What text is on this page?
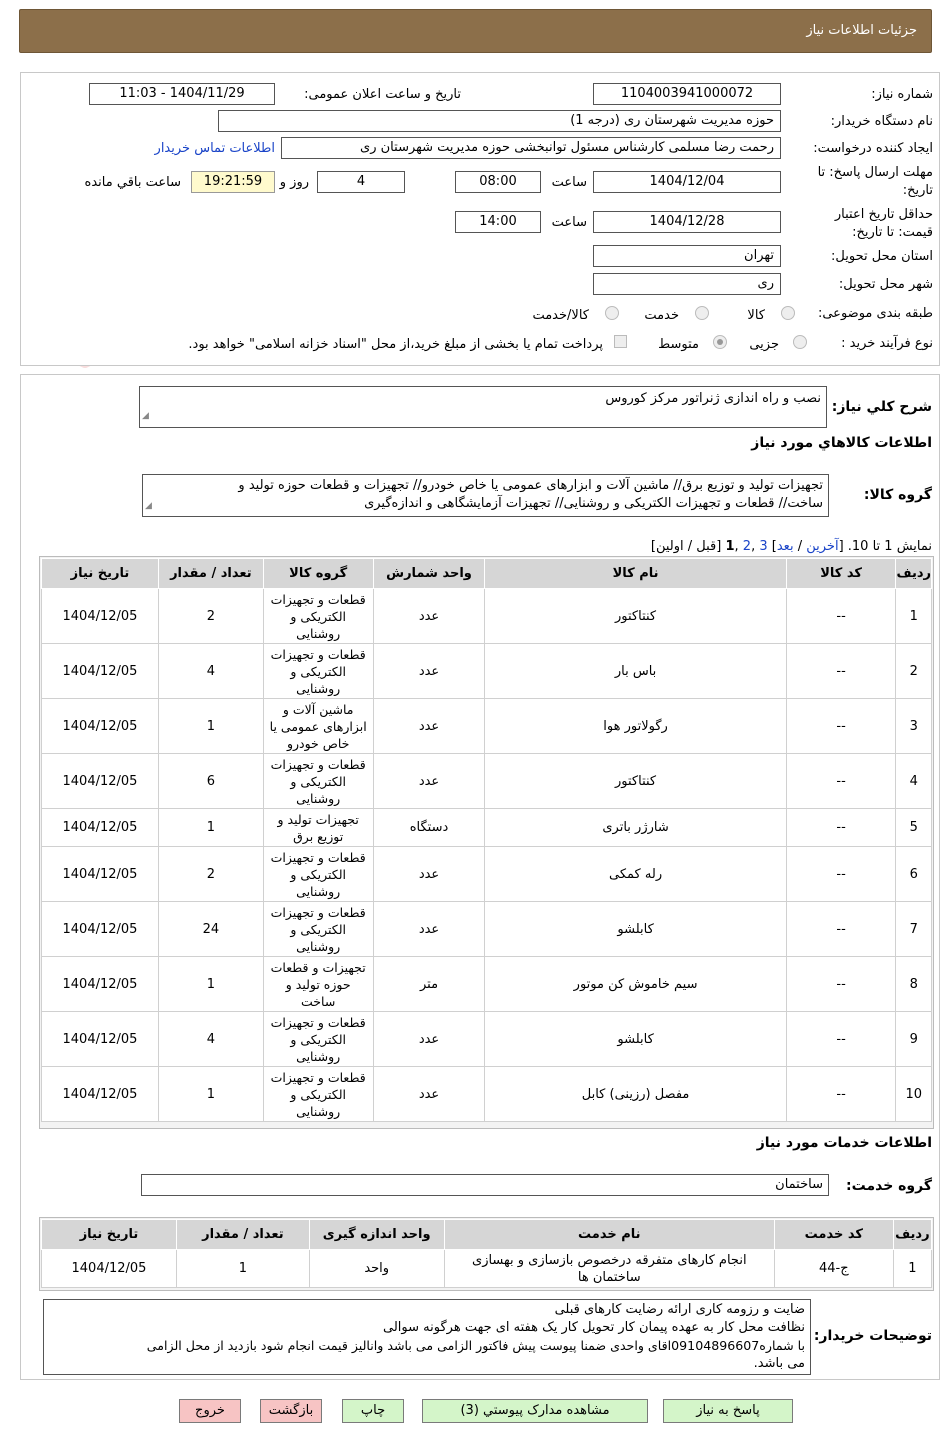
جزئیات اطلاعات نیاز
شماره نیاز:
1104003941000072
تاریخ و ساعت اعلان عمومی:
1404/11/29 - 11:03
نام دستگاه خریدار:
حوزه مدیریت شهرستان ری (درجه 1)
ایجاد کننده درخواست:
رحمت رضا مسلمی کارشناس مسئول توانبخشی حوزه مدیریت شهرستان ری
اطلاعات تماس خریدار
مهلت ارسال پاسخ: تا
تاریخ:
1404/12/04
ساعت
08:00
4
روز و
19:21:59
ساعت باقي مانده
حداقل تاریخ اعتبار
قیمت: تا تاریخ:
1404/12/28
ساعت
14:00
استان محل تحویل:
تهران
شهر محل تحویل:
ری
طبقه بندی موضوعی:
کالا
خدمت
کالا/خدمت
نوع فرآیند خرید :
جزیی
متوسط
پرداخت تمام یا بخشی از مبلغ خرید،از محل "اسناد خزانه اسلامی" خواهد بود.
شرح کلي نياز:
نصب و راه اندازی ژنراتور مرکز کوروس
◢
اطلاعات کالاهاي مورد نياز
گروه کالا:
تجهیزات تولید و توزیع برق// ماشین آلات و ابزارهای عمومی یا خاص خودرو// تجهیزات و قطعات حوزه تولید و
ساخت// قطعات و تجهیزات الکتریکی و روشنایی// تجهیزات آزمایشگاهی و اندازه‌گیری
◢
نمایش 1 تا 10. [آخرین / بعد] 3 ,2 ,1 [قبل / اولین]
ردیف	کد کالا	نام کالا	واحد شمارش	گروه کالا	تعداد / مقدار	تاریخ نیاز
1	--	کنتاکتور	عدد	قطعات و تجهیزات الکتریکی و روشنایی	2	1404/12/05
2	--	باس بار	عدد	قطعات و تجهیزات الکتریکی و روشنایی	4	1404/12/05
3	--	رگولاتور هوا	عدد	ماشین آلات و ابزارهای عمومی یا خاص خودرو	1	1404/12/05
4	--	کنتاکتور	عدد	قطعات و تجهیزات الکتریکی و روشنایی	6	1404/12/05
5	--	شارژر باتری	دستگاه	تجهیزات تولید و توزیع برق	1	1404/12/05
6	--	رله کمکی	عدد	قطعات و تجهیزات الکتریکی و روشنایی	2	1404/12/05
7	--	کابلشو	عدد	قطعات و تجهیزات الکتریکی و روشنایی	24	1404/12/05
8	--	سیم خاموش کن موتور	متر	تجهیزات و قطعات حوزه تولید و ساخت	1	1404/12/05
9	--	کابلشو	عدد	قطعات و تجهیزات الکتریکی و روشنایی	4	1404/12/05
10	--	مفصل (رزینی) کابل	عدد	قطعات و تجهیزات الکتریکی و روشنایی	1	1404/12/05
اطلاعات خدمات مورد نياز
گروه خدمت:
ساختمان
ردیف	کد خدمت	نام خدمت	واحد اندازه گیری	تعداد / مقدار	تاریخ نیاز
1	ج-44	انجام کارهای متفرقه درخصوص بازسازی و بهسازی ساختمان ها	واحد	1	1404/12/05
توضیحات خریدار:
ضایت و رزومه کاری ارائه رضایت کارهای قبلی
نظافت محل کار به عهده پیمان کار تحویل کار یک هفته ای جهت هرگونه سوالی
با شماره09104896607اقای واحدی ضمنا پیوست پیش فاکتور الزامی می باشد وانالیز قیمت انجام شود بازدید از محل الزامی
می باشد.
پاسخ به نیاز
مشاهده مدارک پیوستي (3)
چاپ
بازگشت
خروج
